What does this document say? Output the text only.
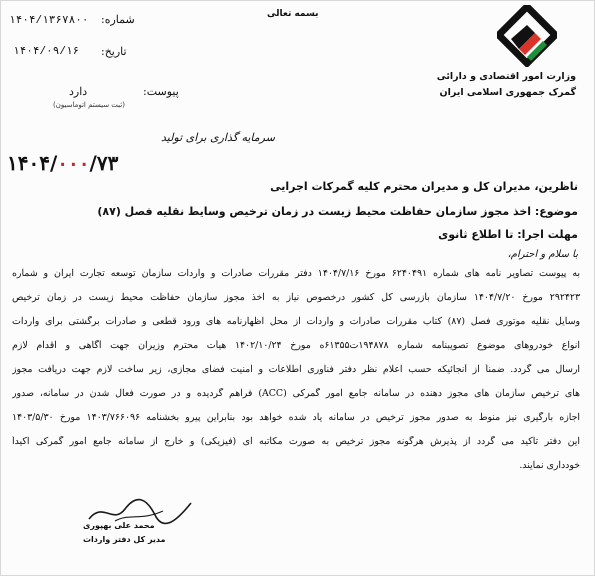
وزارت امور اقتصادی و دارائی
گمرک جمهوری اسلامی ایران
بسمه تعالی
شماره:
۱۴۰۴/۱۳۶۷۸۰۰
تاریخ:
۱۴۰۴/۰۹/۱۶
دارد	پیوست:
(ثبت سیستم اتوماسیون)
سرمایه گذاری برای تولید
۱۴۰۴/۰۰۰/۷۳
ناظرین، مدیران کل و مدیران محترم کلیه گمرکات اجرایی
موضوع: اخذ مجوز سازمان حفاظت محیط زیست در زمان ترخیص وسایط نقلیه فصل (۸۷)
مهلت اجرا: تا اطلاع ثانوی
با سلام و احترام،
به پیوست تصاویر نامه های شماره ۶۲۴۰۴۹۱ مورخ ۱۴۰۴/۷/۱۶ دفتر مقررات صادرات و واردات سازمان توسعه تجارت ایران و شماره
۲۹۲۴۲۳ مورخ ۱۴۰۴/۷/۲۰ سازمان بازرسی کل کشور درخصوص نیاز به اخذ مجوز سازمان حفاظت محیط زیست در زمان ترخیص
وسایل نقلیه موتوری فصل (۸۷) کتاب مقررات صادرات و واردات از محل اظهارنامه های ورود قطعی و صادرات برگشتی برای واردات
انواع خودروهای موضوع تصویبنامه شماره ۱۹۴۸۷۸ت۶۱۳۵۵ه مورخ ۱۴۰۲/۱۰/۲۴ هیأت محترم وزیران جهت آگاهی و اقدام لازم
ارسال می گردد. ضمناً از آنجائیکه حسب اعلام نظر دفتر فناوری اطلاعات و امنیت فضای مجازی، زیر ساخت لازم جهت دریافت مجوز
های ترخیص سازمان های مجوز دهنده در سامانه جامع امور گمرکی (ACC) فراهم گردیده و در صورت فعال شدن در سامانه، صدور
اجازه بارگیری نیز منوط به صدور مجوز ترخیص در سامانه یاد شده خواهد بود بنابراین پیرو بخشنامه ۱۴۰۳/۷۶۶۰۹۶ مورخ ۱۴۰۳/۵/۳۰
این دفتر تاکید می گردد از پذیرش هرگونه مجوز ترخیص به صورت مکاتبه ای (فیزیکی) و خارج از سامانه جامع امور گمرکی اکیداً
خودداری نمایند.
محمد علی بهپوری
مدیر کل دفتر واردات
